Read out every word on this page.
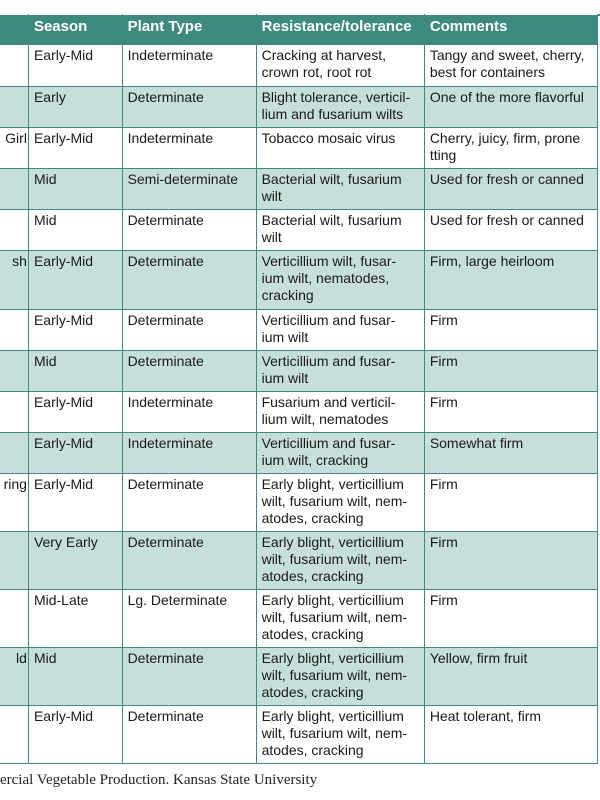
	Season	Plant Type	Resistance/tolerance	Comments

	Early-Mid	Indeterminate	Cracking at harvest,
crown rot, root rot	Tangy and sweet, cherry,
best for containers

	Early	Determinate	Blight tolerance, verticil-
lium and fusarium wilts	One of the more flavorful

Girl	Early-Mid	Indeterminate	Tobacco mosaic virus	Cherry, juicy, firm, prone
tting

	Mid	Semi-determinate	Bacterial wilt, fusarium
wilt	Used for fresh or canned

	Mid	Determinate	Bacterial wilt, fusarium
wilt	Used for fresh or canned

sh	Early-Mid	Determinate	Verticillium wilt, fusar-
ium wilt, nematodes,
cracking	Firm, large heirloom

	Early-Mid	Determinate	Verticillium and fusar-
ium wilt	Firm

	Mid	Determinate	Verticillium and fusar-
ium wilt	Firm

	Early-Mid	Indeterminate	Fusarium and verticil-
lium wilt, nematodes	Firm

	Early-Mid	Indeterminate	Verticillium and fusar-
ium wilt, cracking	Somewhat firm

ring	Early-Mid	Determinate	Early blight, verticillium
wilt, fusarium wilt, nem-
atodes, cracking	Firm

	Very Early	Determinate	Early blight, verticillium
wilt, fusarium wilt, nem-
atodes, cracking	Firm

	Mid-Late	Lg. Determinate	Early blight, verticillium
wilt, fusarium wilt, nem-
atodes, cracking	Firm

ld	Mid	Determinate	Early blight, verticillium
wilt, fusarium wilt, nem-
atodes, cracking	Yellow, firm fruit

	Early-Mid	Determinate	Early blight, verticillium
wilt, fusarium wilt, nem-
atodes, cracking	Heat tolerant, firm
ercial Vegetable Production. Kansas State University
